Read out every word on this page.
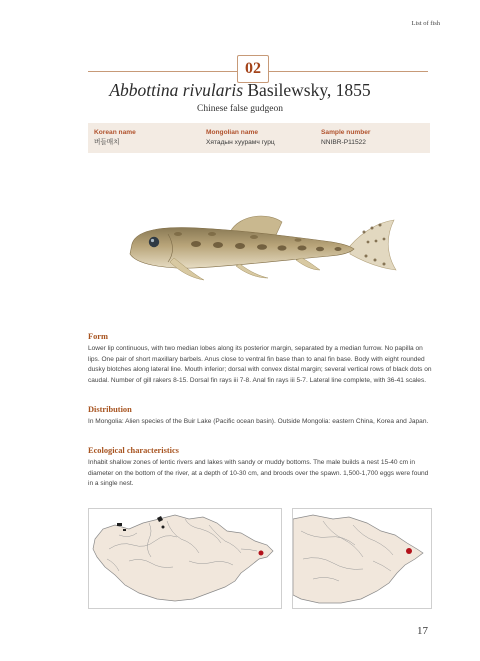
List of fish
02
Abbottina rivularis Basilewsky, 1855
Chinese false gudgeon
Korean name
버들매치
Mongolian name
Хятадын хуурамч гурц
Sample number
NNIBR-P11522
Form
Lower lip continuous, with two median lobes along its posterior margin, separated by a median furrow. No papilla on lips. One pair of short maxillary barbels. Anus close to ventral fin base than to anal fin base. Body with eight rounded dusky blotches along lateral line. Mouth inferior; dorsal with convex distal margin; several vertical rows of black dots on caudal. Number of gill rakers 8-15. Dorsal fin rays iii 7-8. Anal fin rays iii 5-7. Lateral line complete, with 36-41 scales.
Distribution
In Mongolia: Alien species of the Buir Lake (Pacific ocean basin). Outside Mongolia: eastern China, Korea and Japan.
Ecological characteristics
Inhabit shallow zones of lentic rivers and lakes with sandy or muddy bottoms. The male builds a nest 15-40 cm in diameter on the bottom of the river, at a depth of 10-30 cm, and broods over the spawn. 1,500-1,700 eggs were found in a single nest.
17
